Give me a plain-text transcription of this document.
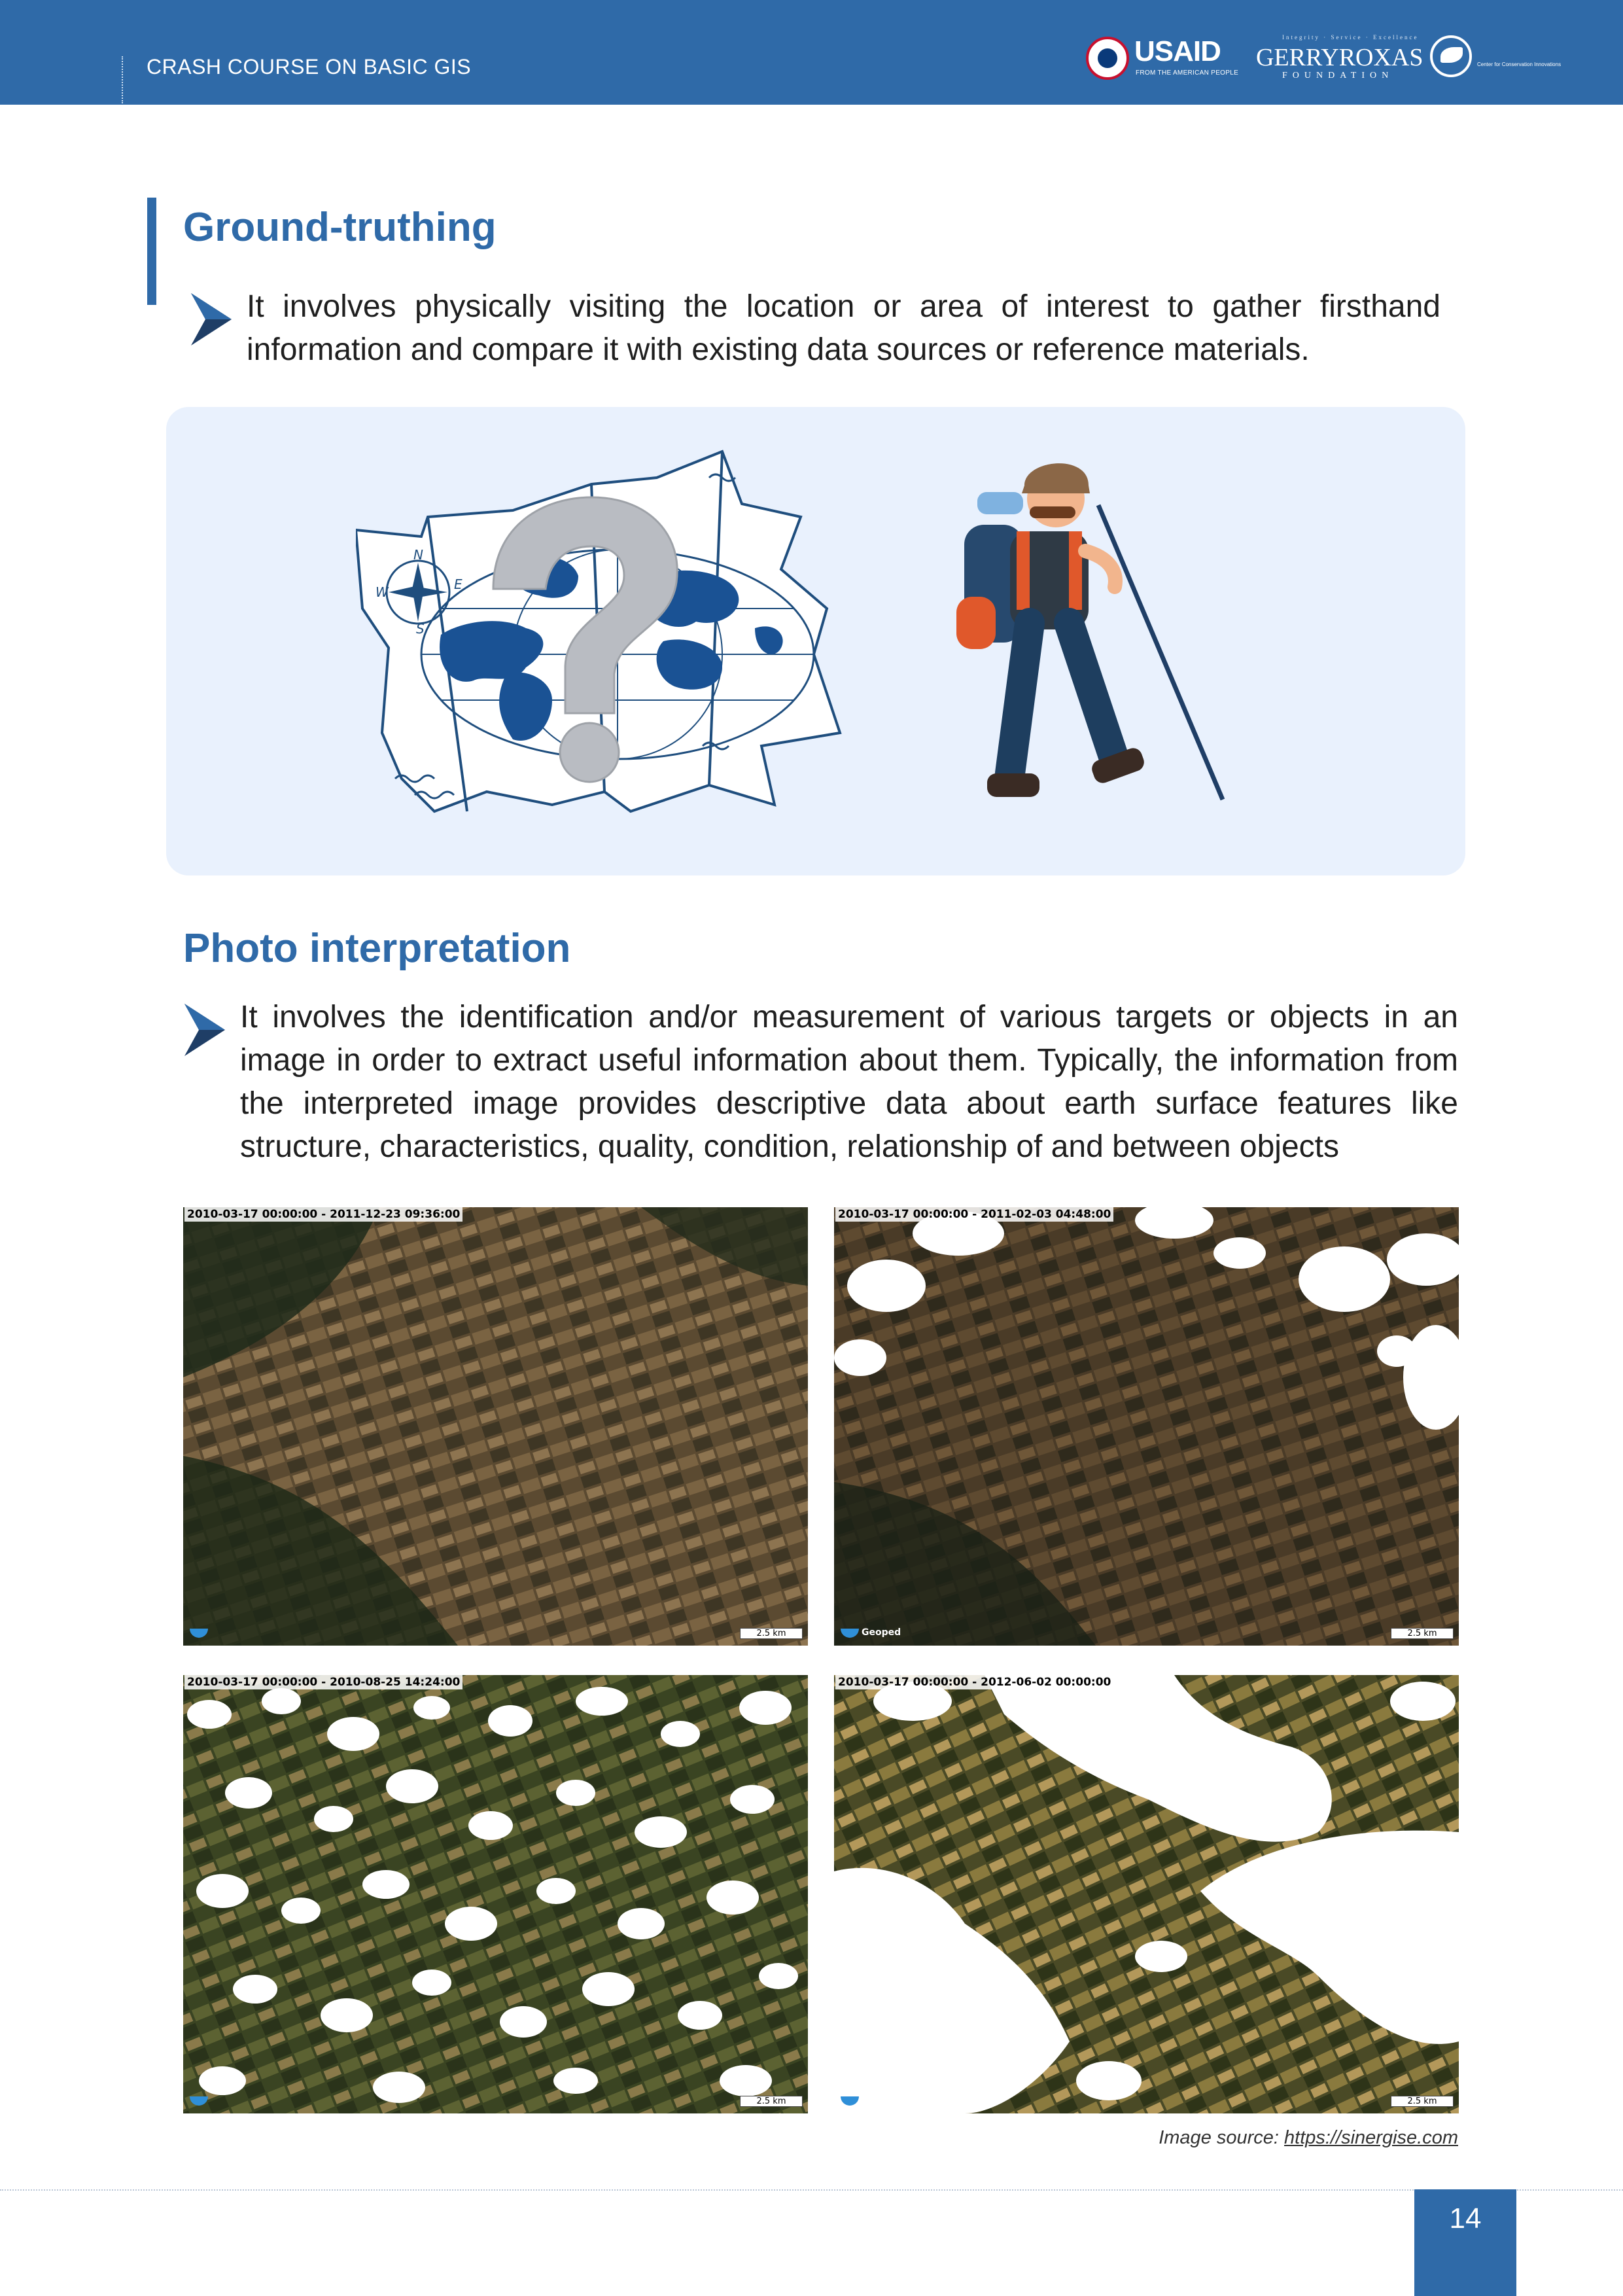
CRASH COURSE ON BASIC GIS	USAID
FROM THE AMERICAN PEOPLE
Integrity · Service · Excellence
GERRYROXAS
FOUNDATION
Center for Conservation Innovations
Ground-truthing

It involves physically visiting the location or area of interest to gather firsthand information and compare it with existing data sources or reference materials.

N
W	E
S
Photo interpretation

It involves the identification and/or measurement of various targets or objects in an image in order to extract useful information about them. Typically, the information from the interpreted image provides descriptive data about earth surface features like structure, characteristics, quality, condition, relationship of and between objects

2010-03-17 00:00:00 - 2011-12-23 09:36:00
2.5 km
2010-03-17 00:00:00 - 2011-02-03 04:48:00
Geoped	2.5 km
2010-03-17 00:00:00 - 2010-08-25 14:24:00
2.5 km
2010-03-17 00:00:00 - 2012-06-02 00:00:00
2.5 km
Image source: https://sinergise.com
14
